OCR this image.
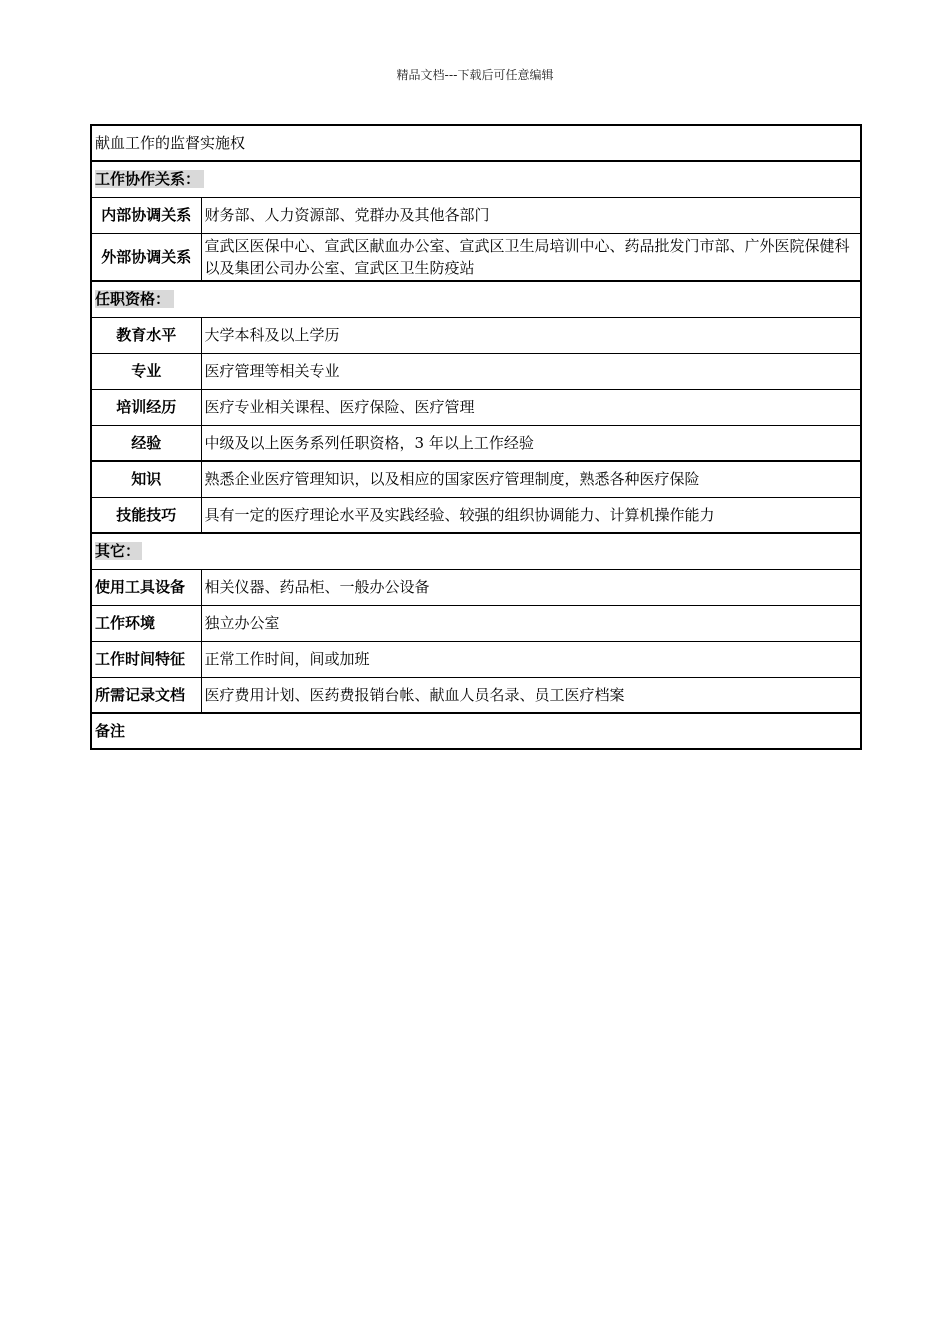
精品文档---下载后可任意编辑
献血工作的监督实施权	
工作协作关系：	
内部协调关系	财务部、人力资源部、党群办及其他各部门
外部协调关系	宣武区医保中心、宣武区献血办公室、宣武区卫生局培训中心、药品批发门市部、广外医院保健科以及集团公司办公室、宣武区卫生防疫站
任职资格：	
教育水平	大学本科及以上学历
专业	医疗管理等相关专业
培训经历	医疗专业相关课程、医疗保险、医疗管理
经验	中级及以上医务系列任职资格，3 年以上工作经验
知识	熟悉企业医疗管理知识，以及相应的国家医疗管理制度，熟悉各种医疗保险
技能技巧	具有一定的医疗理论水平及实践经验、较强的组织协调能力、计算机操作能力
其它：	
使用工具设备	相关仪器、药品柜、一般办公设备
工作环境	独立办公室
工作时间特征	正常工作时间，间或加班
所需记录文档	医疗费用计划、医药费报销台帐、献血人员名录、员工医疗档案
备注	
